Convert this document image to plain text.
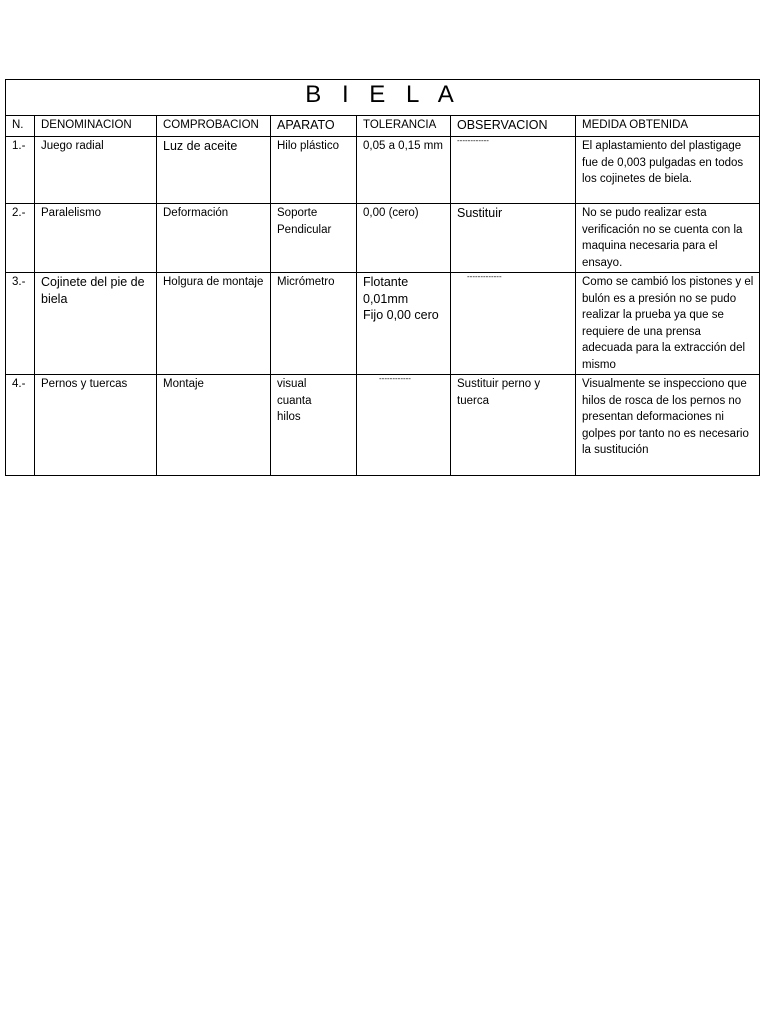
B I E L A						
N.	DENOMINACION	COMPROBACION	APARATO	TOLERANCIA	OBSERVACION	MEDIDA OBTENIDA
1.-	Juego radial	Luz de aceite	Hilo plástico	0,05 a 0,15 mm	------------	El aplastamiento del plastigage fue de 0,003 pulgadas en todos los cojinetes de biela.
2.-	Paralelismo	Deformación	Soporte Pendicular	0,00 (cero)	Sustituir	No se pudo realizar esta verificación no se cuenta con la maquina necesaria para el ensayo.
3.-	Cojinete del pie de biela	Holgura de montaje	Micrómetro	Flotante
0,01mm
Fijo 0,00 cero	-------------	Como se cambió los pistones y el bulón es a presión no se pudo realizar la prueba ya que se requiere de una prensa adecuada para la extracción del mismo
4.-	Pernos y tuercas	Montaje	visual
cuanta
hilos	------------	Sustituir perno y tuerca	Visualmente se inspecciono que hilos de rosca de los pernos no presentan deformaciones ni golpes por tanto no es necesario la sustitución
